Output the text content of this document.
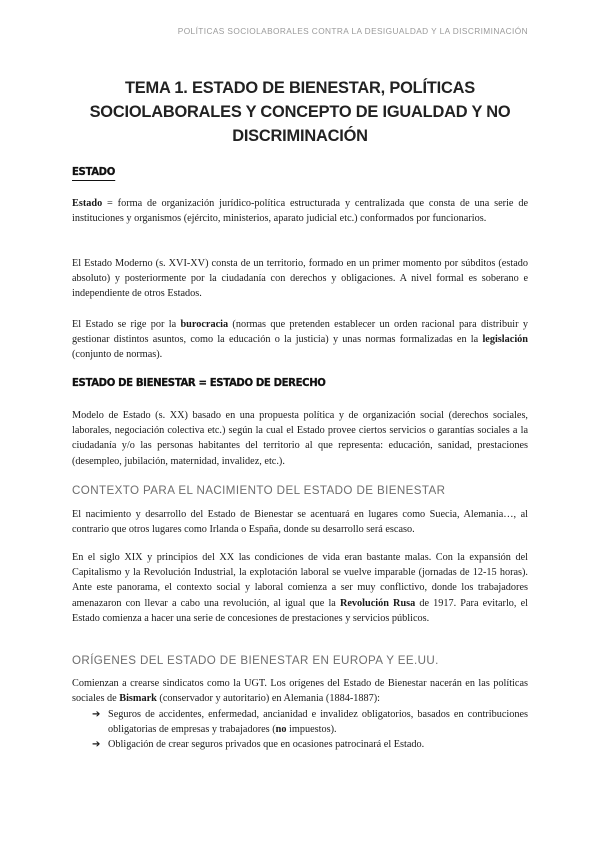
POLÍTICAS SOCIOLABORALES CONTRA LA DESIGUALDAD Y LA DISCRIMINACIÓN
TEMA 1. ESTADO DE BIENESTAR, POLÍTICAS SOCIOLABORALES Y CONCEPTO DE IGUALDAD Y NO DISCRIMINACIÓN
ESTADO

Estado = forma de organización jurídico-política estructurada y centralizada que consta de una serie de instituciones y organismos (ejército, ministerios, aparato judicial etc.) conformados por funcionarios.

El Estado Moderno (s. XVI-XV) consta de un territorio, formado en un primer momento por súbditos (estado absoluto) y posteriormente por la ciudadanía con derechos y obligaciones. A nivel formal es soberano e independiente de otros Estados.

El Estado se rige por la burocracia (normas que pretenden establecer un orden racional para distribuir y gestionar distintos asuntos, como la educación o la justicia) y unas normas formalizadas en la legislación (conjunto de normas).

ESTADO DE BIENESTAR = ESTADO DE DERECHO

Modelo de Estado (s. XX) basado en una propuesta política y de organización social (derechos sociales, laborales, negociación colectiva etc.) según la cual el Estado provee ciertos servicios o garantías sociales a la ciudadanía y/o las personas habitantes del territorio al que representa: educación, sanidad, prestaciones (desempleo, jubilación, maternidad, invalidez, etc.).

CONTEXTO PARA EL NACIMIENTO DEL ESTADO DE BIENESTAR

El nacimiento y desarrollo del Estado de Bienestar se acentuará en lugares como Suecia, Alemania…, al contrario que otros lugares como Irlanda o España, donde su desarrollo será escaso.

En el siglo XIX y principios del XX las condiciones de vida eran bastante malas. Con la expansión del Capitalismo y la Revolución Industrial, la explotación laboral se vuelve imparable (jornadas de 12-15 horas). Ante este panorama, el contexto social y laboral comienza a ser muy conflictivo, donde los trabajadores amenazaron con llevar a cabo una revolución, al igual que la Revolución Rusa de 1917. Para evitarlo, el Estado comienza a hacer una serie de concesiones de prestaciones y servicios públicos.

ORÍGENES DEL ESTADO DE BIENESTAR EN EUROPA Y EE.UU.

Comienzan a crearse sindicatos como la UGT. Los orígenes del Estado de Bienestar nacerán en las políticas sociales de Bismark (conservador y autoritario) en Alemania (1884-1887):

➔ Seguros de accidentes, enfermedad, ancianidad e invalidez obligatorios, basados en contribuciones obligatorias de empresas y trabajadores (no impuestos).
➔ Obligación de crear seguros privados que en ocasiones patrocinará el Estado.
